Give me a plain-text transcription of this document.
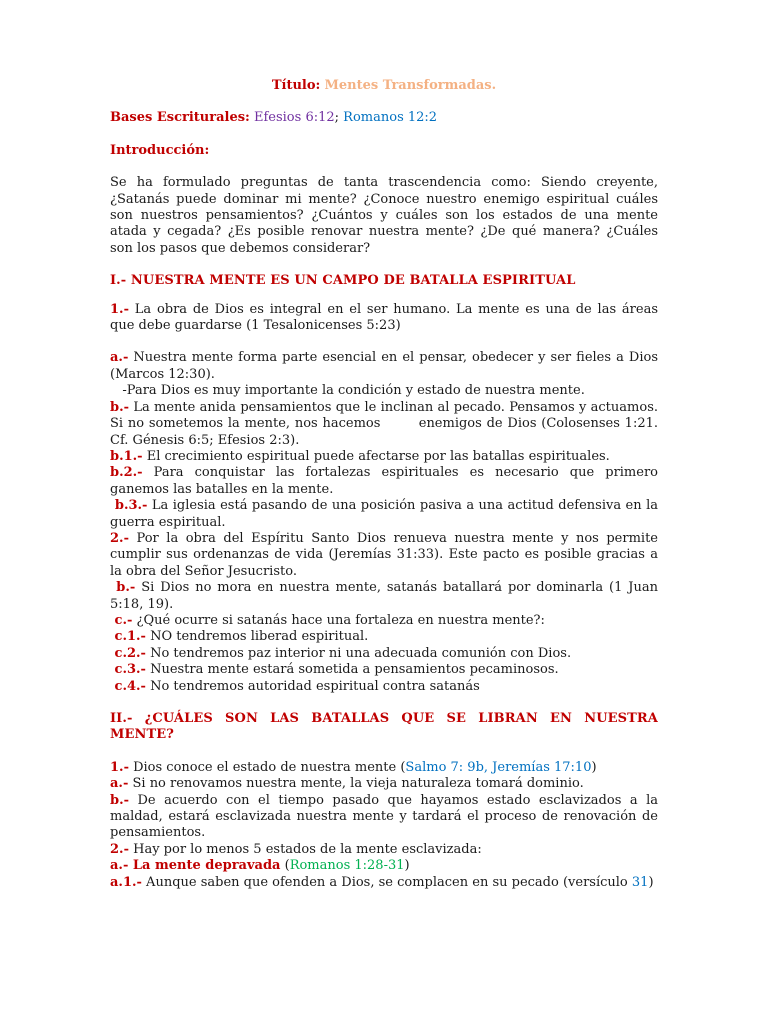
Título: Mentes Transformadas.

Bases Escriturales: Efesios 6:12; Romanos 12:2

Introducción:

Se ha formulado preguntas de tanta trascendencia como: Siendo creyente, ¿Satanás puede dominar mi mente? ¿Conoce nuestro enemigo espiritual cuáles son nuestros pensamientos? ¿Cuántos y cuáles son los estados de una mente atada y cegada? ¿Es posible renovar nuestra mente? ¿De qué manera? ¿Cuáles son los pasos que debemos considerar?

I.- NUESTRA MENTE ES UN CAMPO DE BATALLA ESPIRITUAL

1.- La obra de Dios es integral en el ser humano. La mente es una de las áreas que debe guardarse (1 Tesalonicenses 5:23)

a.- Nuestra mente forma parte esencial en el pensar, obedecer y ser fieles a Dios (Marcos 12:30).

-Para Dios es muy importante la condición y estado de nuestra mente.

b.- La mente anida pensamientos que le inclinan al pecado. Pensamos y actuamos. Si no sometemos la mente, nos hacemos        enemigos de Dios (Colosenses 1:21. Cf. Génesis 6:5; Efesios 2:3).

b.1.- El crecimiento espiritual puede afectarse por las batallas espirituales.

b.2.- Para conquistar las fortalezas espirituales es necesario que primero ganemos las batalles en la mente.

b.3.- La iglesia está pasando de una posición pasiva a una actitud defensiva en la guerra espiritual.

2.- Por la obra del Espíritu Santo Dios renueva nuestra mente y nos permite cumplir sus ordenanzas de vida (Jeremías 31:33). Este pacto es posible gracias a la obra del Señor Jesucristo.

b.- Si Dios no mora en nuestra mente, satanás batallará por dominarla (1 Juan 5:18, 19).

c.- ¿Qué ocurre si satanás hace una fortaleza en nuestra mente?:

c.1.- NO tendremos liberad espiritual.

c.2.- No tendremos paz interior ni una adecuada comunión con Dios.

c.3.- Nuestra mente estará sometida a pensamientos pecaminosos.

c.4.- No tendremos autoridad espiritual contra satanás

II.- ¿CUÁLES SON LAS BATALLAS QUE SE LIBRAN EN NUESTRA MENTE?

1.- Dios conoce el estado de nuestra mente (Salmo 7: 9b, Jeremías 17:10)

a.- Si no renovamos nuestra mente, la vieja naturaleza tomará dominio.

b.- De acuerdo con el tiempo pasado que hayamos estado esclavizados a la maldad, estará esclavizada nuestra mente y tardará el proceso de renovación de pensamientos.

2.- Hay por lo menos 5 estados de la mente esclavizada:

a.- La mente depravada (Romanos 1:28-31)

a.1.- Aunque saben que ofenden a Dios, se complacen en su pecado (versículo 31)
